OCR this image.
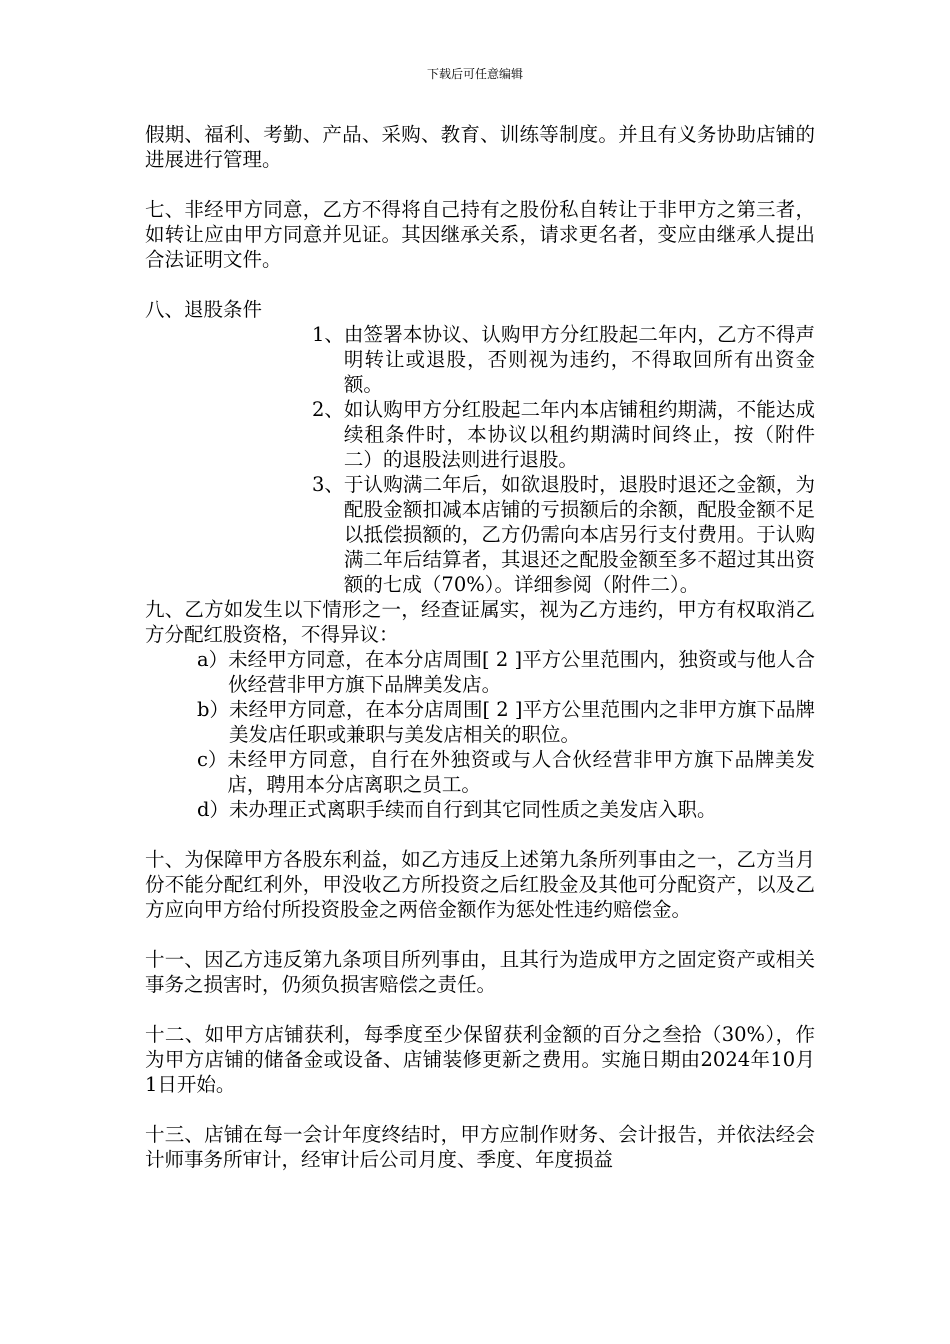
下载后可任意编辑

假期、福利、考勤、产品、采购、教育、训练等制度。并且有义务协助店铺的进展进行管理。

七、非经甲方同意，乙方不得将自己持有之股份私自转让于非甲方之第三者，如转让应由甲方同意并见证。其因继承关系，请求更名者，变应由继承人提出合法证明文件。

八、退股条件

1、 由签署本协议、认购甲方分红股起二年内，乙方不得声明转让或退股，否则视为违约，不得取回所有出资金额。
2、 如认购甲方分红股起二年内本店铺租约期满，不能达成续租条件时，本协议以租约期满时间终止，按（附件二）的退股法则进行退股。
3、 于认购满二年后，如欲退股时，退股时退还之金额，为配股金额扣减本店铺的亏损额后的余额，配股金额不足以抵偿损额的，乙方仍需向本店另行支付费用。于认购满二年后结算者，其退还之配股金额至多不超过其出资额的七成（70%）。详细参阅（附件二）。

九、乙方如发生以下情形之一，经查证属实，视为乙方违约，甲方有权取消乙方分配红股资格，不得异议：

a） 未经甲方同意，在本分店周围[ 2 ]平方公里范围内，独资或与他人合伙经营非甲方旗下品牌美发店。
b） 未经甲方同意，在本分店周围[ 2 ]平方公里范围内之非甲方旗下品牌美发店任职或兼职与美发店相关的职位。
c） 未经甲方同意，自行在外独资或与人合伙经营非甲方旗下品牌美发店，聘用本分店离职之员工。
d） 未办理正式离职手续而自行到其它同性质之美发店入职。

十、为保障甲方各股东利益，如乙方违反上述第九条所列事由之一，乙方当月份不能分配红利外，甲没收乙方所投资之后红股金及其他可分配资产，以及乙方应向甲方给付所投资股金之两倍金额作为惩处性违约赔偿金。

十一、因乙方违反第九条项目所列事由，且其行为造成甲方之固定资产或相关事务之损害时，仍须负损害赔偿之责任。

十二、如甲方店铺获利，每季度至少保留获利金额的百分之叁拾（30%），作为甲方店铺的储备金或设备、店铺装修更新之费用。实施日期由2024年10月1日开始。

十三、店铺在每一会计年度终结时，甲方应制作财务、会计报告，并依法经会计师事务所审计，经审计后公司月度、季度、年度损益
